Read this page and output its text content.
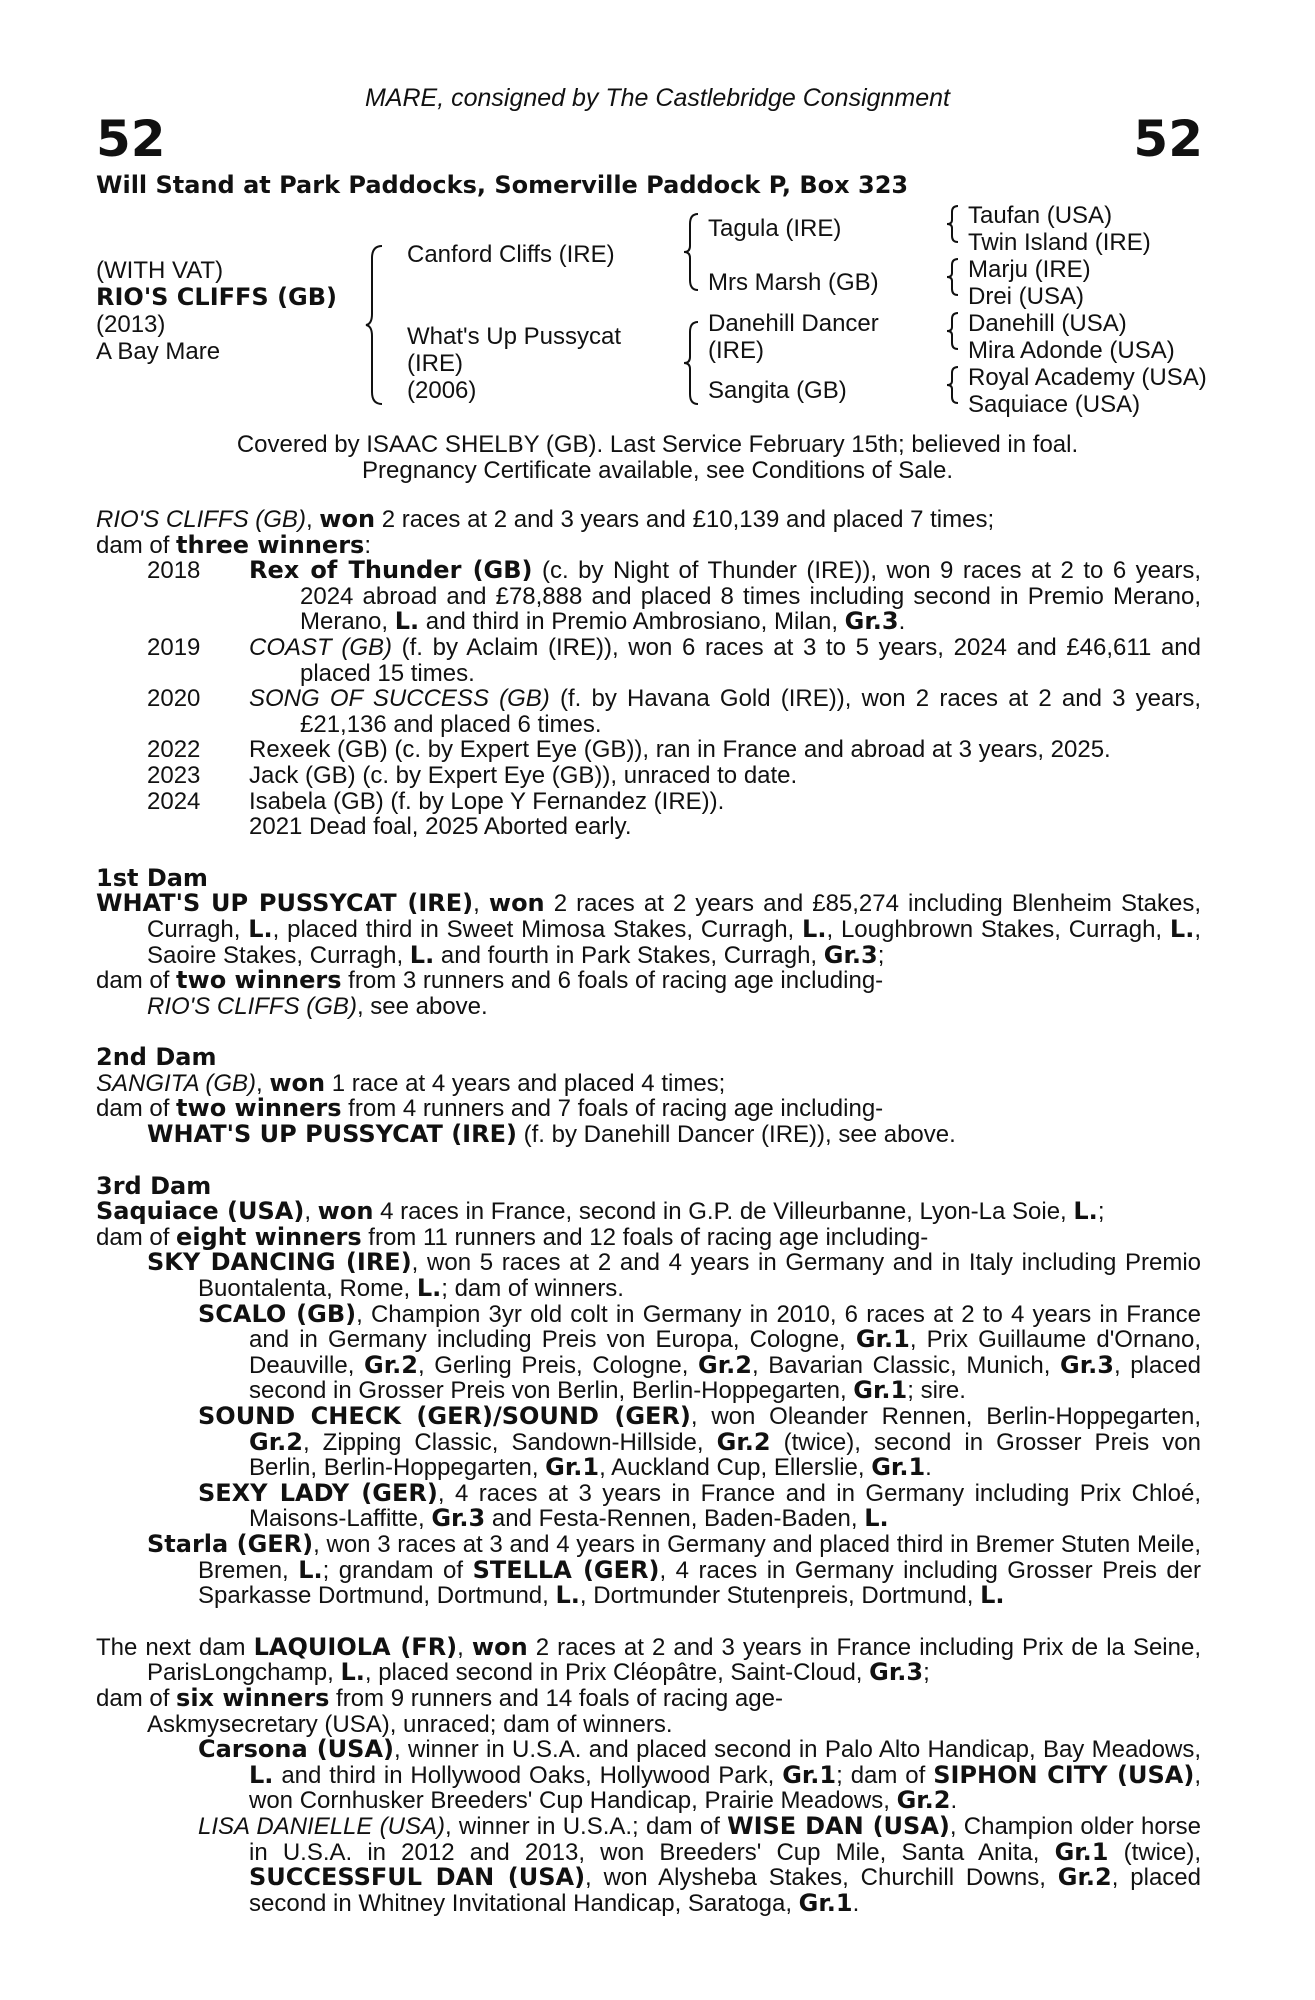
MARE, consigned by The Castlebridge Consignment
52	52
Will Stand at Park Paddocks, Somerville Paddock P, Box 323
(WITH VAT)
RIO'S CLIFFS (GB)
(2013)
A Bay Mare
Canford Cliffs (IRE)
What's Up Pussycat
(IRE)
(2006)
Tagula (IRE)
Mrs Marsh (GB)
Danehill Dancer
(IRE)
Sangita (GB)
Taufan (USA)
Twin Island (IRE)
Marju (IRE)
Drei (USA)
Danehill (USA)
Mira Adonde (USA)
Royal Academy (USA)
Saquiace (USA)
Covered by ISAAC SHELBY (GB). Last Service February 15th; believed in foal.
Pregnancy Certificate available, see Conditions of Sale.

RIO'S CLIFFS (GB), won 2 races at 2 and 3 years and £10,139 and placed 7 times;

dam of three winners:

2018 Rex of Thunder (GB) (c. by Night of Thunder (IRE)), won 9 races at 2 to 6 years, 2024 abroad and £78,888 and placed 8 times including second in Premio Merano, Merano, L. and third in Premio Ambrosiano, Milan, Gr.3.

2019 COAST (GB) (f. by Aclaim (IRE)), won 6 races at 3 to 5 years, 2024 and £46,611 and placed 15 times.

2020 SONG OF SUCCESS (GB) (f. by Havana Gold (IRE)), won 2 races at 2 and 3 years, £21,136 and placed 6 times.

2022 Rexeek (GB) (c. by Expert Eye (GB)), ran in France and abroad at 3 years, 2025.

2023 Jack (GB) (c. by Expert Eye (GB)), unraced to date.

2024 Isabela (GB) (f. by Lope Y Fernandez (IRE)).

2021 Dead foal, 2025 Aborted early.

1st Dam

WHAT'S UP PUSSYCAT (IRE), won 2 races at 2 years and £85,274 including Blenheim Stakes, Curragh, L., placed third in Sweet Mimosa Stakes, Curragh, L., Loughbrown Stakes, Curragh, L., Saoire Stakes, Curragh, L. and fourth in Park Stakes, Curragh, Gr.3;

dam of two winners from 3 runners and 6 foals of racing age including-

RIO'S CLIFFS (GB), see above.

2nd Dam

SANGITA (GB), won 1 race at 4 years and placed 4 times;

dam of two winners from 4 runners and 7 foals of racing age including-

WHAT'S UP PUSSYCAT (IRE) (f. by Danehill Dancer (IRE)), see above.

3rd Dam

Saquiace (USA), won 4 races in France, second in G.P. de Villeurbanne, Lyon-La Soie, L.;

dam of eight winners from 11 runners and 12 foals of racing age including-

SKY DANCING (IRE), won 5 races at 2 and 4 years in Germany and in Italy including Premio Buontalenta, Rome, L.; dam of winners.

SCALO (GB), Champion 3yr old colt in Germany in 2010, 6 races at 2 to 4 years in France and in Germany including Preis von Europa, Cologne, Gr.1, Prix Guillaume d'Ornano, Deauville, Gr.2, Gerling Preis, Cologne, Gr.2, Bavarian Classic, Munich, Gr.3, placed second in Grosser Preis von Berlin, Berlin-Hoppegarten, Gr.1; sire.

SOUND CHECK (GER)/SOUND (GER), won Oleander Rennen, Berlin-Hoppegarten, Gr.2, Zipping Classic, Sandown-Hillside, Gr.2 (twice), second in Grosser Preis von Berlin, Berlin-Hoppegarten, Gr.1, Auckland Cup, Ellerslie, Gr.1.

SEXY LADY (GER), 4 races at 3 years in France and in Germany including Prix Chloé, Maisons-Laffitte, Gr.3 and Festa-Rennen, Baden-Baden, L.

Starla (GER), won 3 races at 3 and 4 years in Germany and placed third in Bremer Stuten Meile, Bremen, L.; grandam of STELLA (GER), 4 races in Germany including Grosser Preis der Sparkasse Dortmund, Dortmund, L., Dortmunder Stutenpreis, Dortmund, L.

The next dam LAQUIOLA (FR), won 2 races at 2 and 3 years in France including Prix de la Seine, ParisLongchamp, L., placed second in Prix Cléopâtre, Saint-Cloud, Gr.3;

dam of six winners from 9 runners and 14 foals of racing age-

Askmysecretary (USA), unraced; dam of winners.

Carsona (USA), winner in U.S.A. and placed second in Palo Alto Handicap, Bay Meadows, L. and third in Hollywood Oaks, Hollywood Park, Gr.1; dam of SIPHON CITY (USA), won Cornhusker Breeders' Cup Handicap, Prairie Meadows, Gr.2.

LISA DANIELLE (USA), winner in U.S.A.; dam of WISE DAN (USA), Champion older horse in U.S.A. in 2012 and 2013, won Breeders' Cup Mile, Santa Anita, Gr.1 (twice), SUCCESSFUL DAN (USA), won Alysheba Stakes, Churchill Downs, Gr.2, placed second in Whitney Invitational Handicap, Saratoga, Gr.1.
